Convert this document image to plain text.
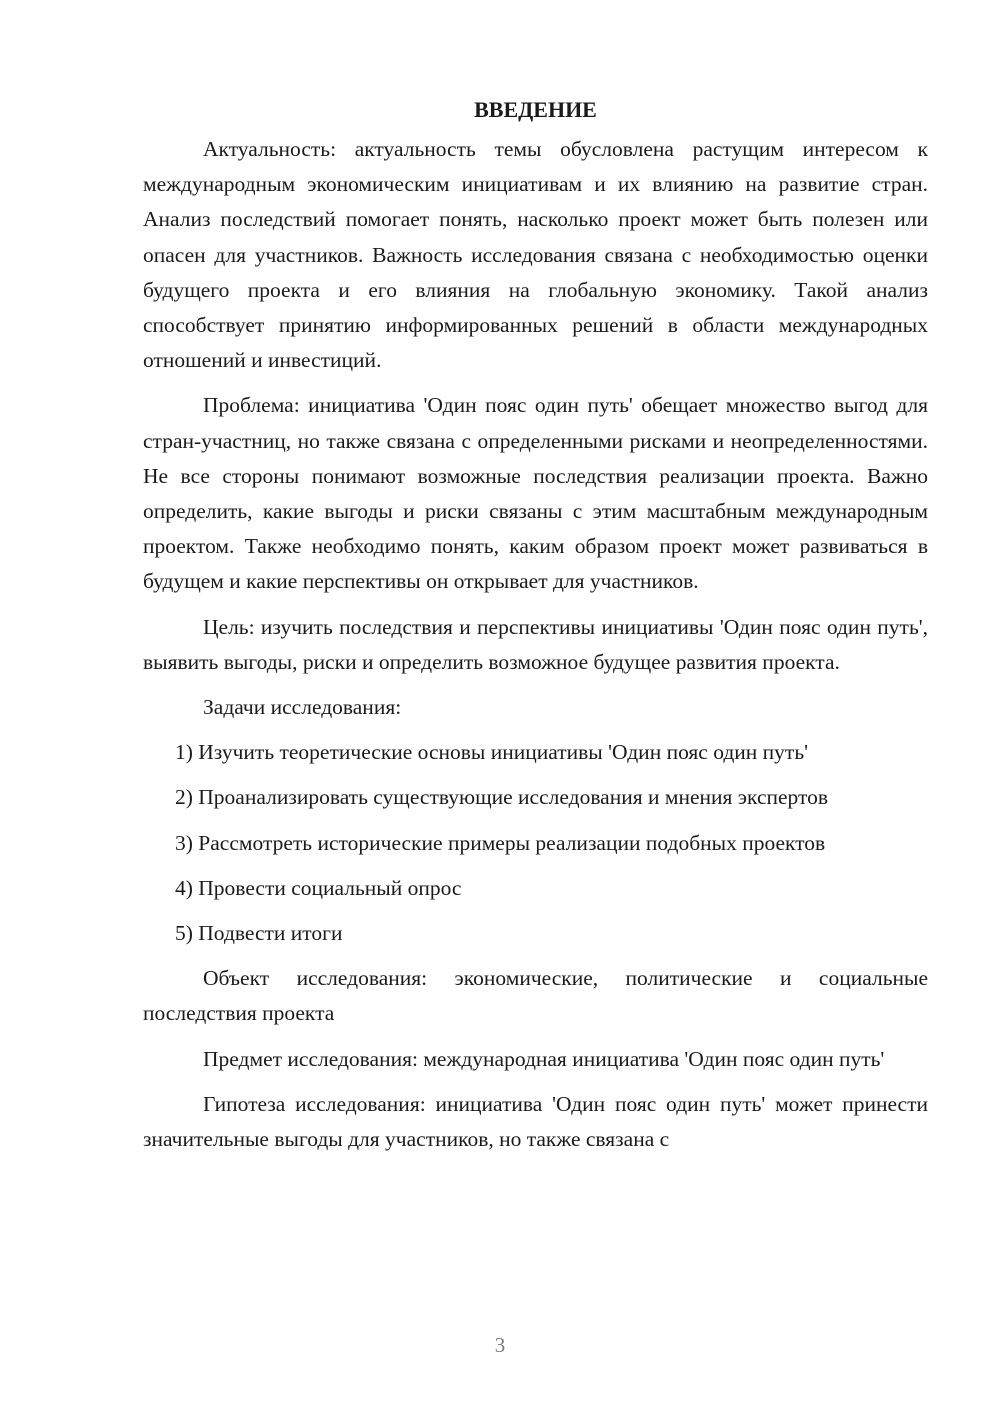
ВВЕДЕНИЕ

Актуальность: актуальность темы обусловлена растущим интересом к международным экономическим инициативам и их влиянию на развитие стран. Анализ последствий помогает понять, насколько проект может быть полезен или опасен для участников. Важность исследования связана с необходимостью оценки будущего проекта и его влияния на глобальную экономику. Такой анализ способствует принятию информированных решений в области международных отношений и инвестиций.

Проблема: инициатива 'Один пояс один путь' обещает множество выгод для стран-участниц, но также связана с определенными рисками и неопределенностями. Не все стороны понимают возможные последствия реализации проекта. Важно определить, какие выгоды и риски связаны с этим масштабным международным проектом. Также необходимо понять, каким образом проект может развиваться в будущем и какие перспективы он открывает для участников.

Цель: изучить последствия и перспективы инициативы 'Один пояс один путь', выявить выгоды, риски и определить возможное будущее развития проекта.

Задачи исследования:

1) Изучить теоретические основы инициативы 'Один пояс один путь'
2) Проанализировать существующие исследования и мнения экспертов
3) Рассмотреть исторические примеры реализации подобных проектов
4) Провести социальный опрос
5) Подвести итоги

Объект исследования: экономические, политические и социальные последствия проекта

Предмет исследования: международная инициатива 'Один пояс один путь'

Гипотеза исследования: инициатива 'Один пояс один путь' может принести значительные выгоды для участников, но также связана с

3
